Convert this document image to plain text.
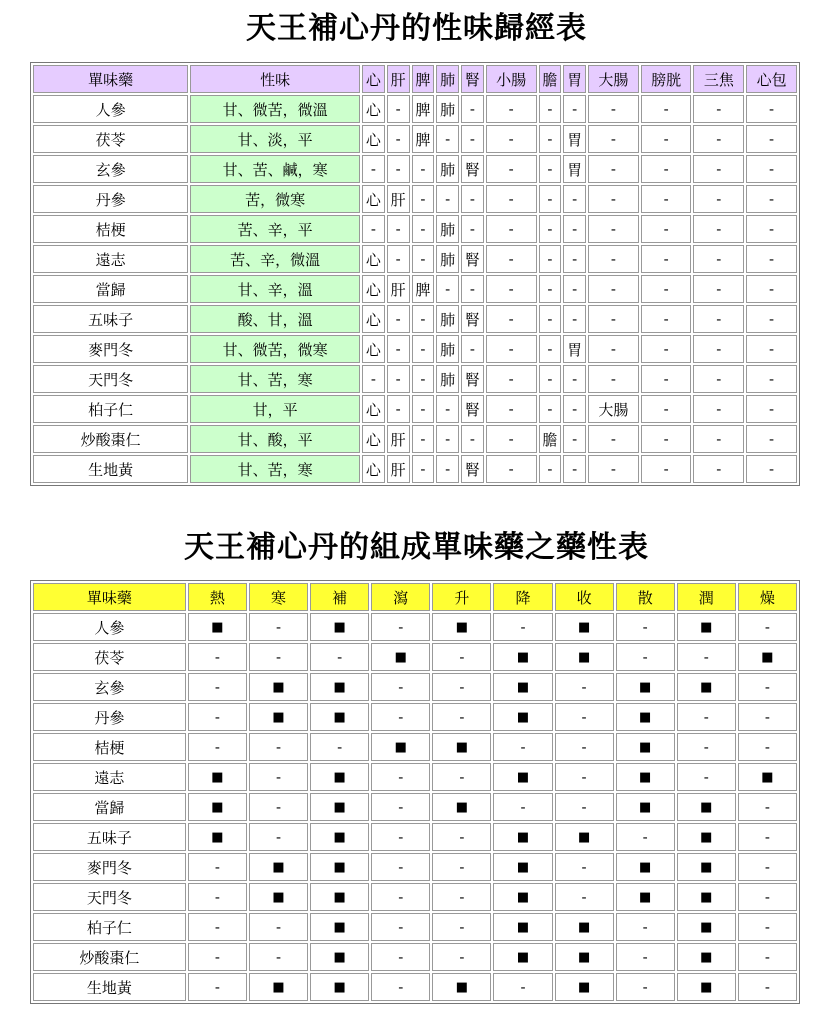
天王補心丹的性味歸經表
單味藥	性味	心	肝	脾	肺	腎	小腸	膽	胃	大腸	膀胱	三焦	心包
人參	甘、微苦，微溫	心	-	脾	肺	-	-	-	-	-	-	-	-
茯苓	甘、淡，平	心	-	脾	-	-	-	-	胃	-	-	-	-
玄參	甘、苦、鹹，寒	-	-	-	肺	腎	-	-	胃	-	-	-	-
丹參	苦，微寒	心	肝	-	-	-	-	-	-	-	-	-	-
桔梗	苦、辛，平	-	-	-	肺	-	-	-	-	-	-	-	-
遠志	苦、辛，微溫	心	-	-	肺	腎	-	-	-	-	-	-	-
當歸	甘、辛，溫	心	肝	脾	-	-	-	-	-	-	-	-	-
五味子	酸、甘，溫	心	-	-	肺	腎	-	-	-	-	-	-	-
麥門冬	甘、微苦，微寒	心	-	-	肺	-	-	-	胃	-	-	-	-
天門冬	甘、苦，寒	-	-	-	肺	腎	-	-	-	-	-	-	-
柏子仁	甘，平	心	-	-	-	腎	-	-	-	大腸	-	-	-
炒酸棗仁	甘、酸，平	心	肝	-	-	-	-	膽	-	-	-	-	-
生地黃	甘、苦，寒	心	肝	-	-	腎	-	-	-	-	-	-	-
天王補心丹的組成單味藥之藥性表
單味藥	熱	寒	補	瀉	升	降	收	散	潤	燥
人參	■	-	■	-	■	-	■	-	■	-
茯苓	-	-	-	■	-	■	■	-	-	■
玄參	-	■	■	-	-	■	-	■	■	-
丹參	-	■	■	-	-	■	-	■	-	-
桔梗	-	-	-	■	■	-	-	■	-	-
遠志	■	-	■	-	-	■	-	■	-	■
當歸	■	-	■	-	■	-	-	■	■	-
五味子	■	-	■	-	-	■	■	-	■	-
麥門冬	-	■	■	-	-	■	-	■	■	-
天門冬	-	■	■	-	-	■	-	■	■	-
柏子仁	-	-	■	-	-	■	■	-	■	-
炒酸棗仁	-	-	■	-	-	■	■	-	■	-
生地黃	-	■	■	-	■	-	■	-	■	-
